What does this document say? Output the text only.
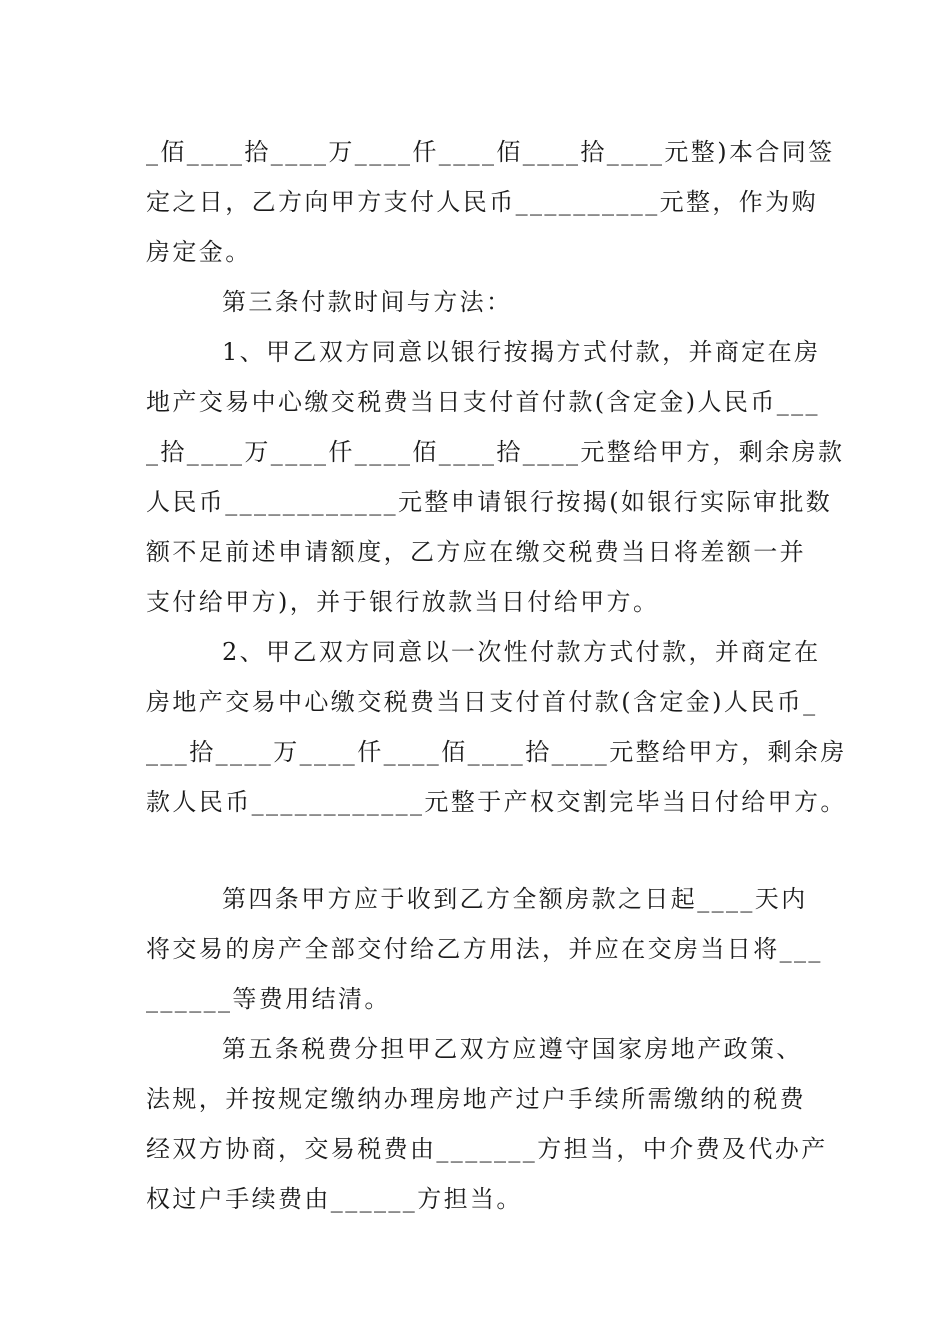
_佰____拾____万____仟____佰____拾____元整)本合同签
定之日，乙方向甲方支付人民币__________元整，作为购
房定金。
第三条付款时间与方法：
1、甲乙双方同意以银行按揭方式付款，并商定在房
地产交易中心缴交税费当日支付首付款(含定金)人民币___
_拾____万____仟____佰____拾____元整给甲方，剩余房款
人民币____________元整申请银行按揭(如银行实际审批数
额不足前述申请额度，乙方应在缴交税费当日将差额一并
支付给甲方)，并于银行放款当日付给甲方。
2、甲乙双方同意以一次性付款方式付款，并商定在
房地产交易中心缴交税费当日支付首付款(含定金)人民币_
___拾____万____仟____佰____拾____元整给甲方，剩余房
款人民币____________元整于产权交割完毕当日付给甲方。
第四条甲方应于收到乙方全额房款之日起____天内
将交易的房产全部交付给乙方用法，并应在交房当日将___
______等费用结清。
第五条税费分担甲乙双方应遵守国家房地产政策、
法规，并按规定缴纳办理房地产过户手续所需缴纳的税费
经双方协商，交易税费由_______方担当，中介费及代办产
权过户手续费由______方担当。
